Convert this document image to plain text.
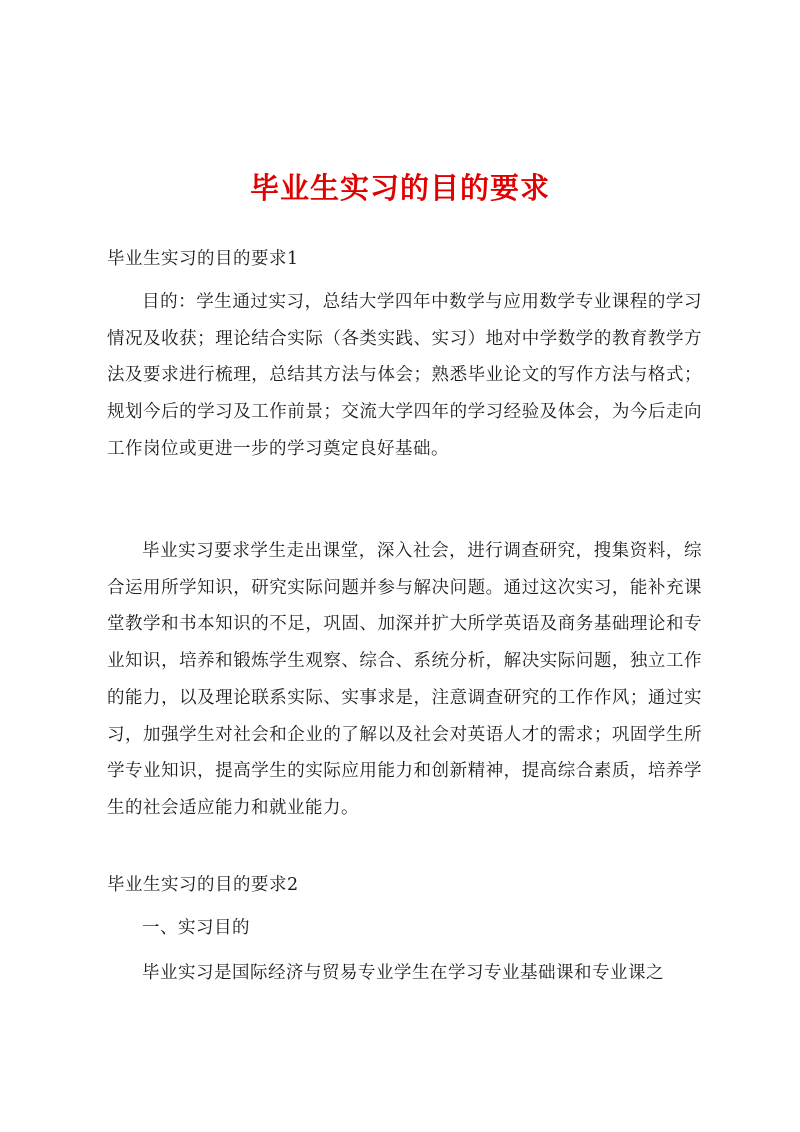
毕业生实习的目的要求
毕业生实习的目的要求1
目的：学生通过实习，总结大学四年中数学与应用数学专业课程的学习情况及收获；理论结合实际（各类实践、实习）地对中学数学的教育教学方法及要求进行梳理，总结其方法与体会；熟悉毕业论文的写作方法与格式；规划今后的学习及工作前景；交流大学四年的学习经验及体会，为今后走向工作岗位或更进一步的学习奠定良好基础。
毕业实习要求学生走出课堂，深入社会，进行调查研究，搜集资料，综合运用所学知识，研究实际问题并参与解决问题。通过这次实习，能补充课堂教学和书本知识的不足，巩固、加深并扩大所学英语及商务基础理论和专业知识，培养和锻炼学生观察、综合、系统分析，解决实际问题，独立工作的能力，以及理论联系实际、实事求是，注意调查研究的工作作风；通过实习，加强学生对社会和企业的了解以及社会对英语人才的需求；巩固学生所学专业知识，提高学生的实际应用能力和创新精神，提高综合素质，培养学生的社会适应能力和就业能力。
毕业生实习的目的要求2
一、实习目的
毕业实习是国际经济与贸易专业学生在学习专业基础课和专业课之
